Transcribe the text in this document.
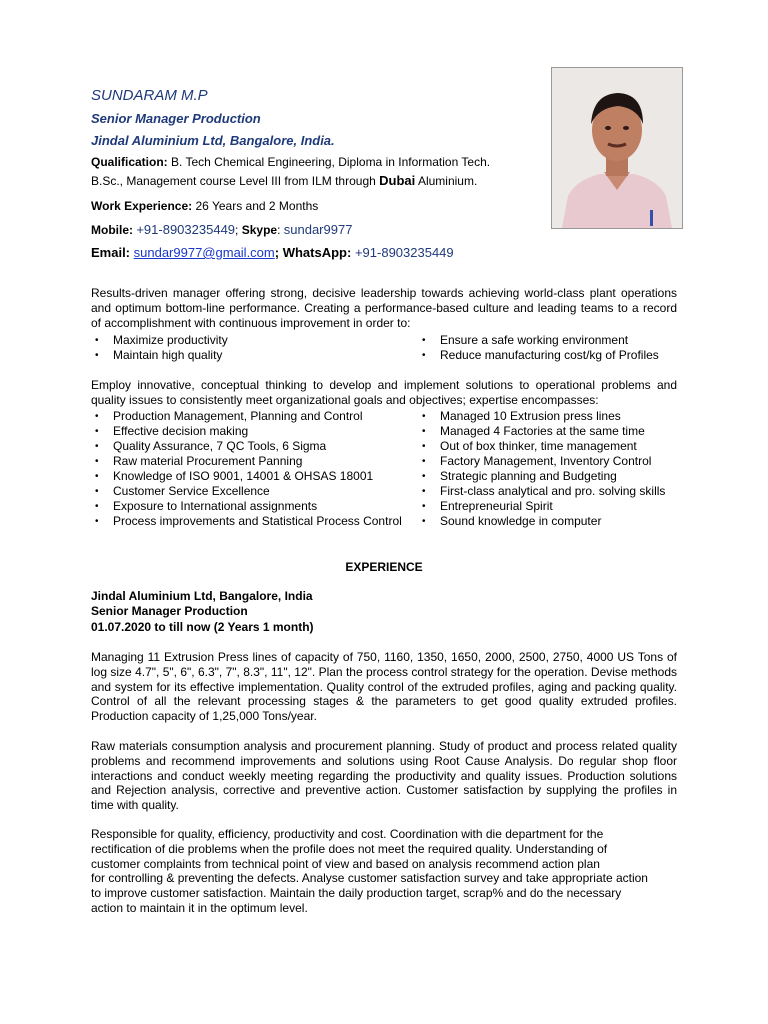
SUNDARAM M.P
Senior Manager Production
Jindal Aluminium Ltd, Bangalore, India.
Qualification: B. Tech Chemical Engineering, Diploma in Information Tech.
B.Sc., Management course Level III from ILM through Dubai Aluminium.
Work Experience: 26 Years and 2 Months
Mobile: +91-8903235449; Skype: sundar9977
Email: sundar9977@gmail.com; WhatsApp: +91-8903235449
Results-driven manager offering strong, decisive leadership towards achieving world-class plant operations and optimum bottom-line performance. Creating a performance-based culture and leading teams to a record of accomplishment with continuous improvement in order to:
• Maximize productivity
• Maintain high quality
• Ensure a safe working environment
• Reduce manufacturing cost/kg of Profiles
Employ innovative, conceptual thinking to develop and implement solutions to operational problems and quality issues to consistently meet organizational goals and objectives; expertise encompasses:
• Production Management, Planning and Control
• Effective decision making
• Quality Assurance, 7 QC Tools, 6 Sigma
• Raw material Procurement Panning
• Knowledge of ISO 9001, 14001 & OHSAS 18001
• Customer Service Excellence
• Exposure to International assignments
• Process improvements and Statistical Process Control
• Managed 10 Extrusion press lines
• Managed 4 Factories at the same time
• Out of box thinker, time management
• Factory Management, Inventory Control
• Strategic planning and Budgeting
• First-class analytical and pro. solving skills
• Entrepreneurial Spirit
• Sound knowledge in computer
EXPERIENCE
Jindal Aluminium Ltd, Bangalore, India
Senior Manager Production
01.07.2020 to till now (2 Years 1 month)
Managing 11 Extrusion Press lines of capacity of 750, 1160, 1350, 1650, 2000, 2500, 2750, 4000 US Tons of log size 4.7", 5", 6", 6.3", 7", 8.3", 11", 12". Plan the process control strategy for the operation. Devise methods and system for its effective implementation. Quality control of the extruded profiles, aging and packing quality. Control of all the relevant processing stages & the parameters to get good quality extruded profiles. Production capacity of 1,25,000 Tons/year.
Raw materials consumption analysis and procurement planning. Study of product and process related quality problems and recommend improvements and solutions using Root Cause Analysis. Do regular shop floor interactions and conduct weekly meeting regarding the productivity and quality issues. Production solutions and Rejection analysis, corrective and preventive action. Customer satisfaction by supplying the profiles in time with quality.
Responsible for quality, efficiency, productivity and cost. Coordination with die department for the
rectification of die problems when the profile does not meet the required quality. Understanding of
customer complaints from technical point of view and based on analysis recommend action plan
for controlling & preventing the defects. Analyse customer satisfaction survey and take appropriate action
to improve customer satisfaction. Maintain the daily production target, scrap% and do the necessary
action to maintain it in the optimum level.
